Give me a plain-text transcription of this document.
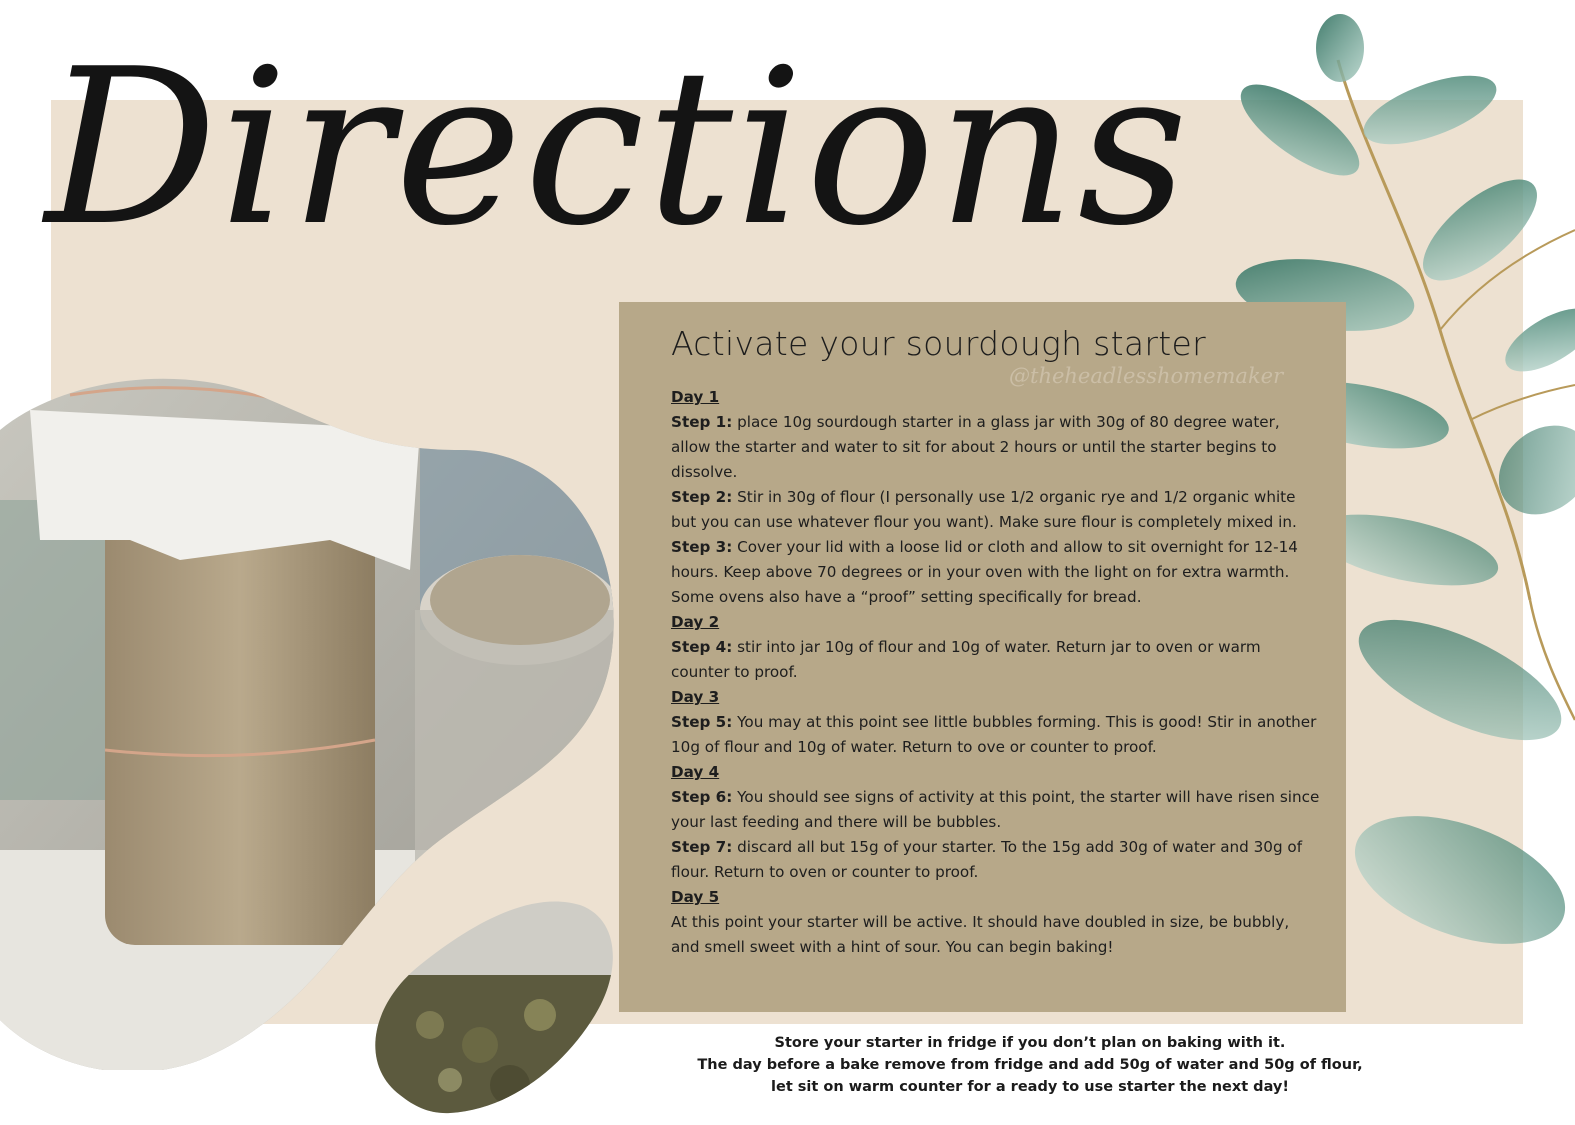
Directions
Activate your sourdough starter
@theheadlesshomemaker

Day 1

Step 1: place 10g sourdough starter in a glass jar with 30g of 80 degree water, allow the starter and water to sit for about 2 hours or until the starter begins to dissolve.

Step 2: Stir in 30g of flour (I personally use 1/2 organic rye and 1/2 organic white but you can use whatever flour you want). Make sure flour is completely mixed in.

Step 3: Cover your lid with a loose lid or cloth and allow to sit overnight for 12-14 hours. Keep above 70 degrees or in your oven with the light on for extra warmth. Some ovens also have a “proof” setting specifically for bread.

Day 2

Step 4: stir into jar 10g of flour and 10g of water. Return jar to oven or warm counter to proof.

Day 3

Step 5: You may at this point see little bubbles forming. This is good! Stir in another 10g of flour and 10g of water. Return to ove or counter to proof.

Day 4

Step 6: You should see signs of activity at this point, the starter will have risen since your last feeding and there will be bubbles.

Step 7: discard all but 15g of your starter. To the 15g add 30g of water and 30g of flour. Return to oven or counter to proof.

Day 5

At this point your starter will be active. It should have doubled in size, be bubbly, and smell sweet with a hint of sour. You can begin baking!

Store your starter in fridge if you don’t plan on baking with it.
The day before a bake remove from fridge and add 50g of water and 50g of flour,
let sit on warm counter for a ready to use starter the next day!
